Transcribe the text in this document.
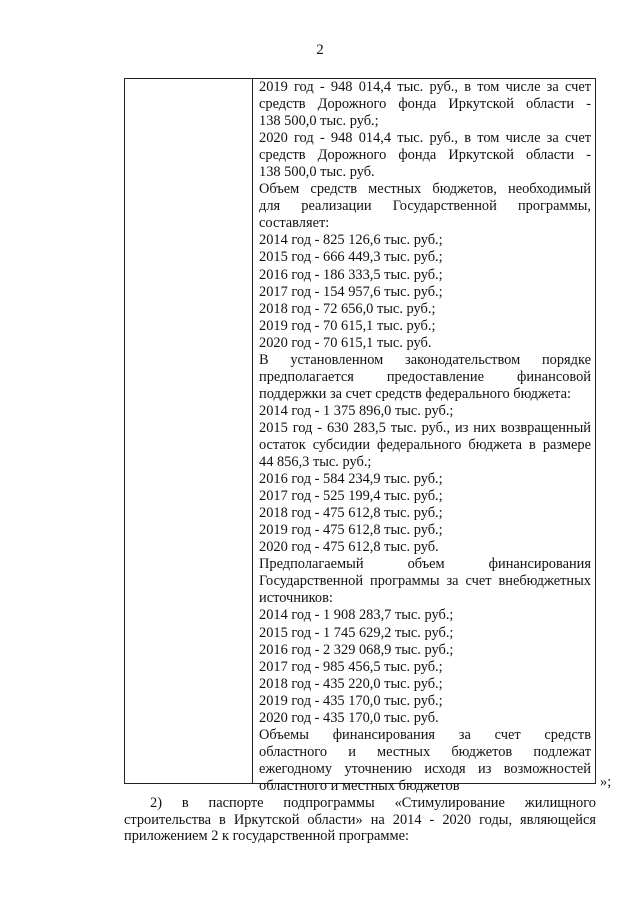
2
2019 год - 948 014,4 тыс. руб., в том числе за счет
средств Дорожного фонда Иркутской области -
138 500,0 тыс. руб.;
2020 год - 948 014,4 тыс. руб., в том числе за счет
средств Дорожного фонда Иркутской области -
138 500,0 тыс. руб.
Объем средств местных бюджетов, необходимый
для реализации Государственной программы,
составляет:
2014 год - 825 126,6 тыс. руб.;
2015 год - 666 449,3 тыс. руб.;
2016 год - 186 333,5 тыс. руб.;
2017 год - 154 957,6 тыс. руб.;
2018 год - 72 656,0 тыс. руб.;
2019 год - 70 615,1 тыс. руб.;
2020 год - 70 615,1 тыс. руб.
В установленном законодательством порядке
предполагается предоставление финансовой
поддержки за счет средств федерального бюджета:
2014 год - 1 375 896,0 тыс. руб.;
2015 год - 630 283,5 тыс. руб., из них возвращенный
остаток субсидии федерального бюджета в размере
44 856,3 тыс. руб.;
2016 год - 584 234,9 тыс. руб.;
2017 год - 525 199,4 тыс. руб.;
2018 год - 475 612,8 тыс. руб.;
2019 год - 475 612,8 тыс. руб.;
2020 год - 475 612,8 тыс. руб.
Предполагаемый объем финансирования
Государственной программы за счет внебюджетных
источников:
2014 год - 1 908 283,7 тыс. руб.;
2015 год - 1 745 629,2 тыс. руб.;
2016 год - 2 329 068,9 тыс. руб.;
2017 год - 985 456,5 тыс. руб.;
2018 год - 435 220,0 тыс. руб.;
2019 год - 435 170,0 тыс. руб.;
2020 год - 435 170,0 тыс. руб.
Объемы финансирования за счет средств
областного и местных бюджетов подлежат
ежегодному уточнению исходя из возможностей
областного и местных бюджетов	»;
2) в паспорте подпрограммы «Стимулирование жилищного
строительства в Иркутской области» на 2014 - 2020 годы, являющейся
приложением 2 к государственной программе:
